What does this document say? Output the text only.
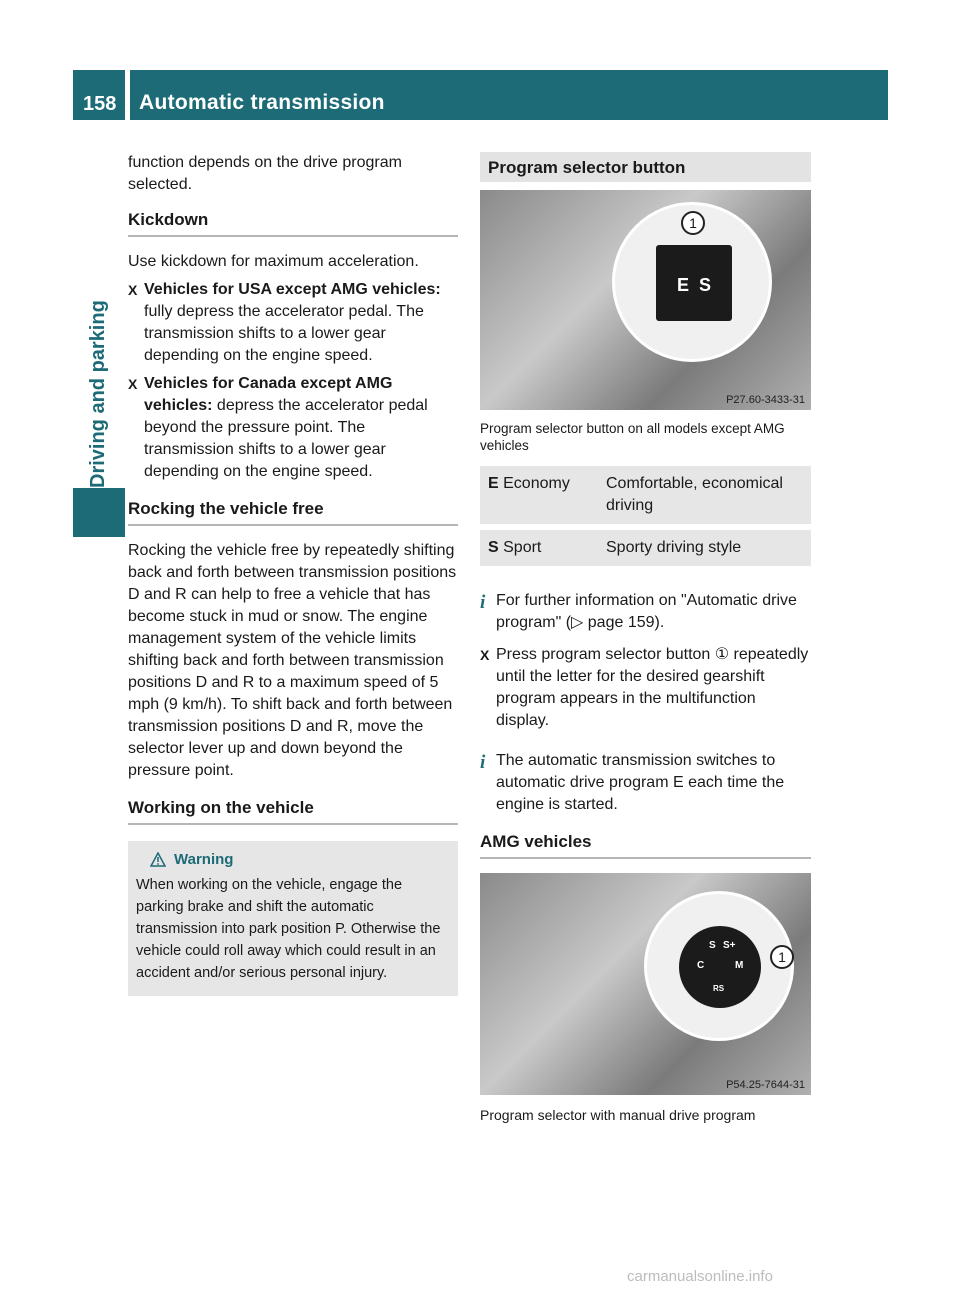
158 Automatic transmission
Driving and parking

function depends on the drive program selected.

Kickdown

Use kickdown for maximum acceleration.

X Vehicles for USA except AMG vehicles: fully depress the accelerator pedal. The transmission shifts to a lower gear depending on the engine speed.
X Vehicles for Canada except AMG vehicles: depress the accelerator pedal beyond the pressure point. The transmission shifts to a lower gear depending on the engine speed.
Rocking the vehicle free

Rocking the vehicle free by repeatedly shifting back and forth between transmission positions D and R can help to free a vehicle that has become stuck in mud or snow. The engine management system of the vehicle limits shifting back and forth between transmission positions D and R to a maximum speed of 5 mph (9 km/h). To shift back and forth between transmission positions D and R, move the selector lever up and down beyond the pressure point.

Working on the vehicle
Warning

When working on the vehicle, engage the parking brake and shift the automatic transmission into park position P. Otherwise the vehicle could roll away which could result in an accident and/or serious personal injury.

Program selector button
E  S
1
P27.60-3433-31

Program selector button on all models except AMG vehicles

E Economy	Comfortable, economical driving
S Sport	Sporty driving style
i For further information on "Automatic drive program" (▷ page 159).
X Press program selector button ① repeatedly until the letter for the desired gearshift program appears in the multifunction display.
i The automatic transmission switches to automatic drive program E each time the engine is started.
AMG vehicles
S S+
C	M
RS
1
P54.25-7644-31

Program selector with manual drive program

carmanualsonline.info
